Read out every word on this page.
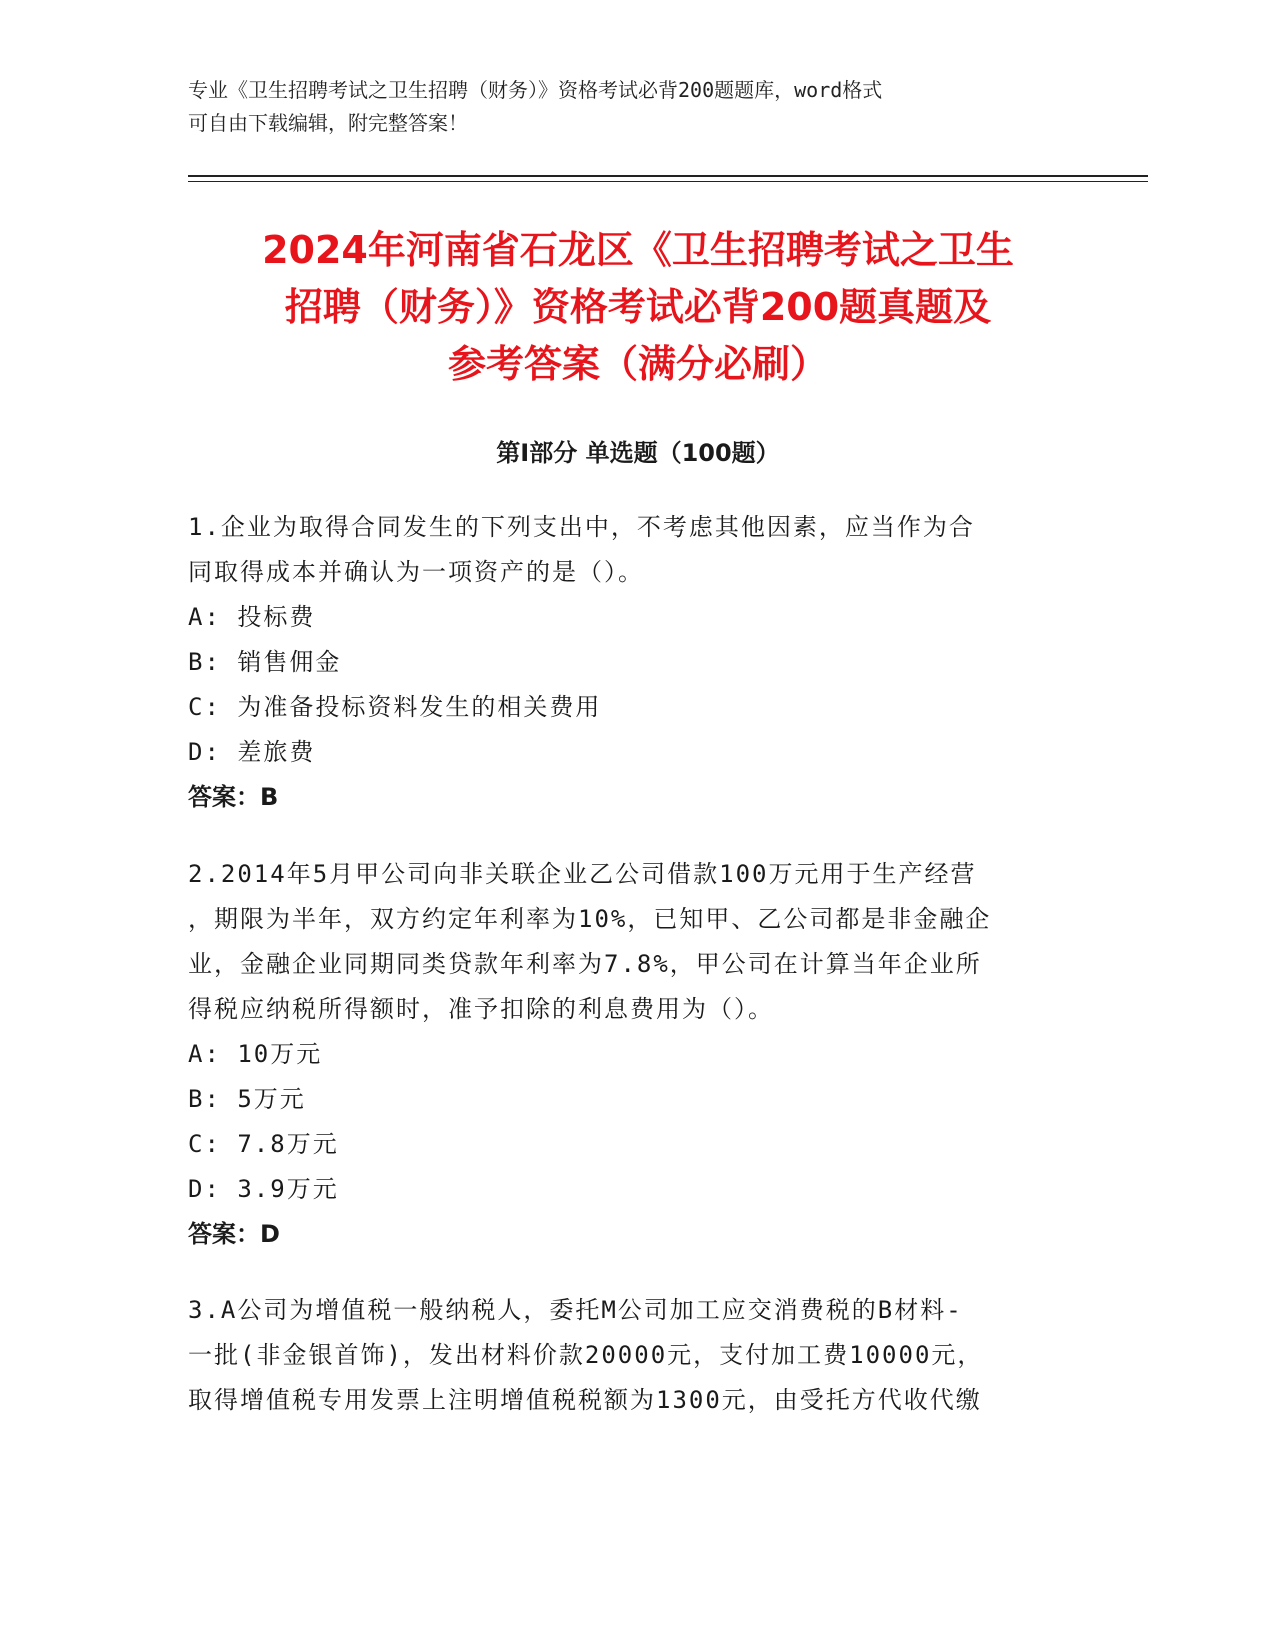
专业《卫生招聘考试之卫生招聘（财务）》资格考试必背200题题库，word格式
可自由下载编辑，附完整答案！
2024年河南省石龙区《卫生招聘考试之卫生
招聘（财务）》资格考试必背200题真题及
参考答案（满分必刷）
第Ⅰ部分 单选题（100题）

1.企业为取得合同发生的下列支出中，不考虑其他因素，应当作为合

同取得成本并确认为一项资产的是（）。

A: 投标费

B: 销售佣金

C: 为准备投标资料发生的相关费用

D: 差旅费

答案：B

2.2014年5月甲公司向非关联企业乙公司借款100万元用于生产经营

，期限为半年，双方约定年利率为10%，已知甲、乙公司都是非金融企

业，金融企业同期同类贷款年利率为7.8%，甲公司在计算当年企业所

得税应纳税所得额时，准予扣除的利息费用为（）。

A: 10万元

B: 5万元

C: 7.8万元

D: 3.9万元

答案：D

3.A公司为增值税一般纳税人，委托M公司加工应交消费税的B材料-

一批(非金银首饰)，发出材料价款20000元，支付加工费10000元，

取得增值税专用发票上注明增值税税额为1300元，由受托方代收代缴
